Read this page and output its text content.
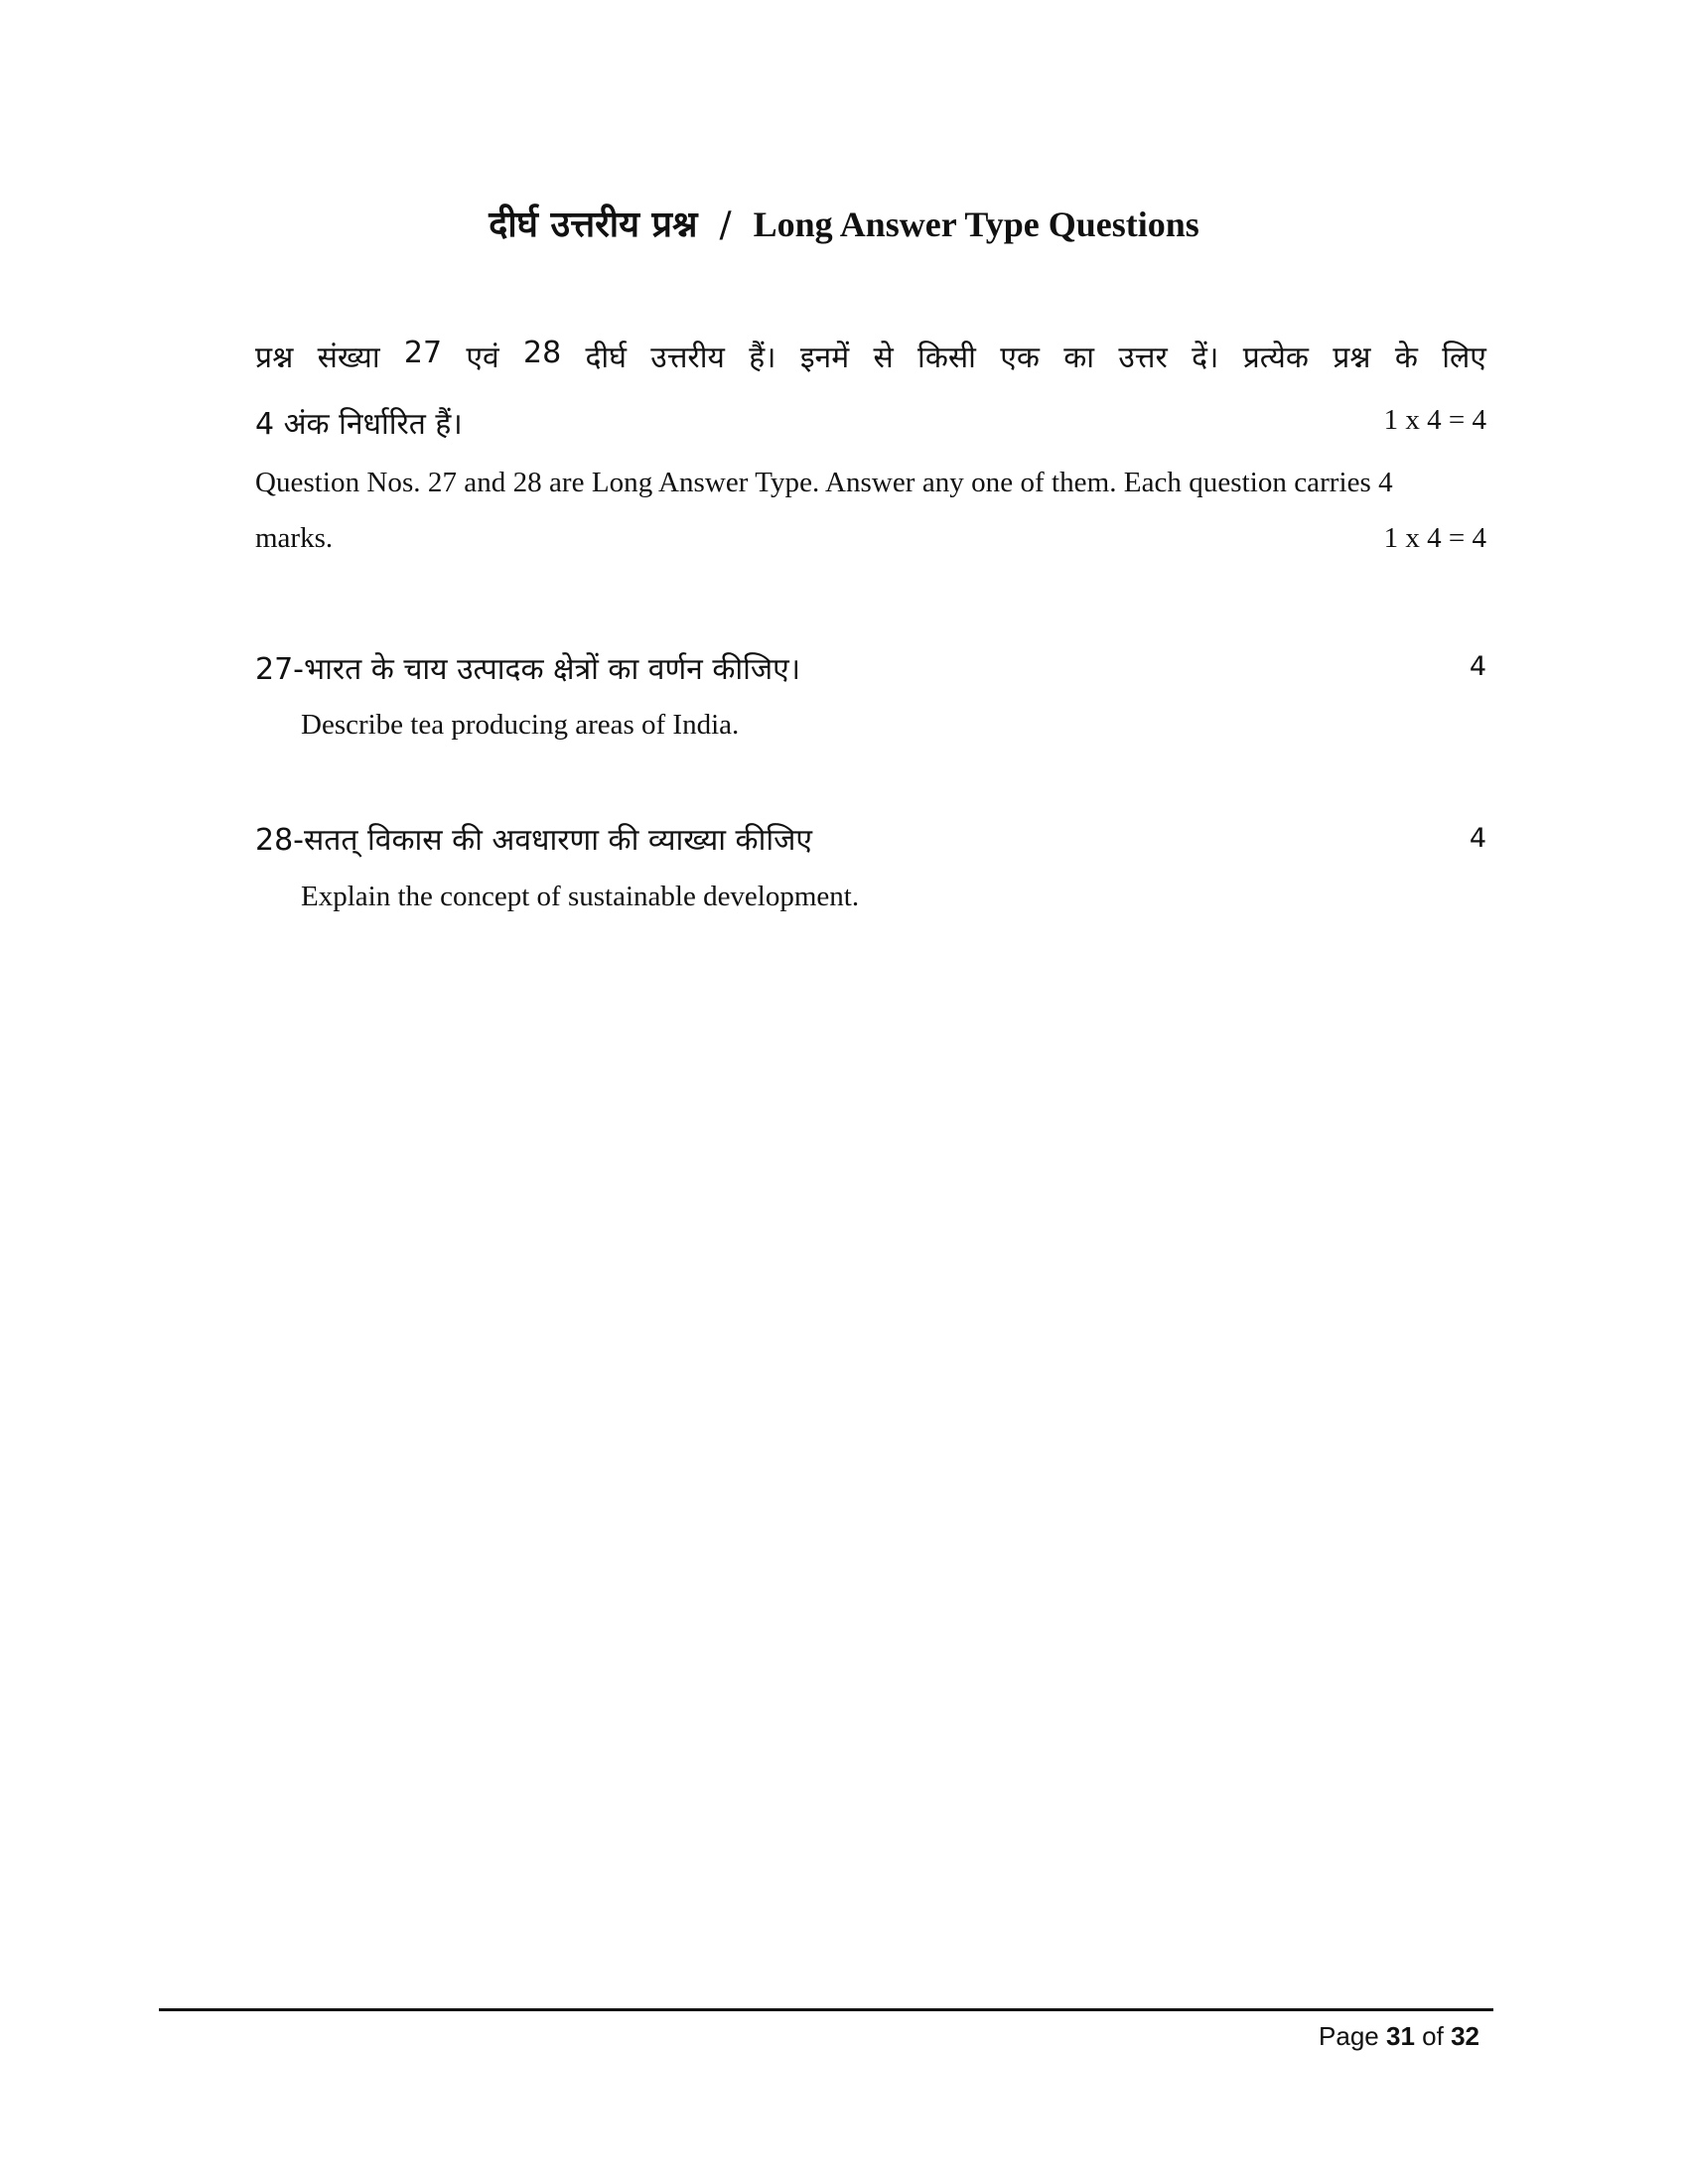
दीर्घ उत्तरीय प्रश्न / Long Answer Type Questions
प्रश्न संख्या 27 एवं 28 दीर्घ उत्तरीय हैं। इनमें से किसी एक का उत्तर दें। प्रत्येक प्रश्न के लिए
4 अंक निर्धारित हैं।	1 x 4 = 4
Question Nos. 27 and 28 are Long Answer Type. Answer any one of them. Each question carries 4
marks.	1 x 4 = 4
27-भारत के चाय उत्पादक क्षेत्रों का वर्णन कीजिए।	4
Describe tea producing areas of India.
28-सतत् विकास की अवधारणा की व्याख्या कीजिए	4
Explain the concept of sustainable development.
Page 31 of 32
